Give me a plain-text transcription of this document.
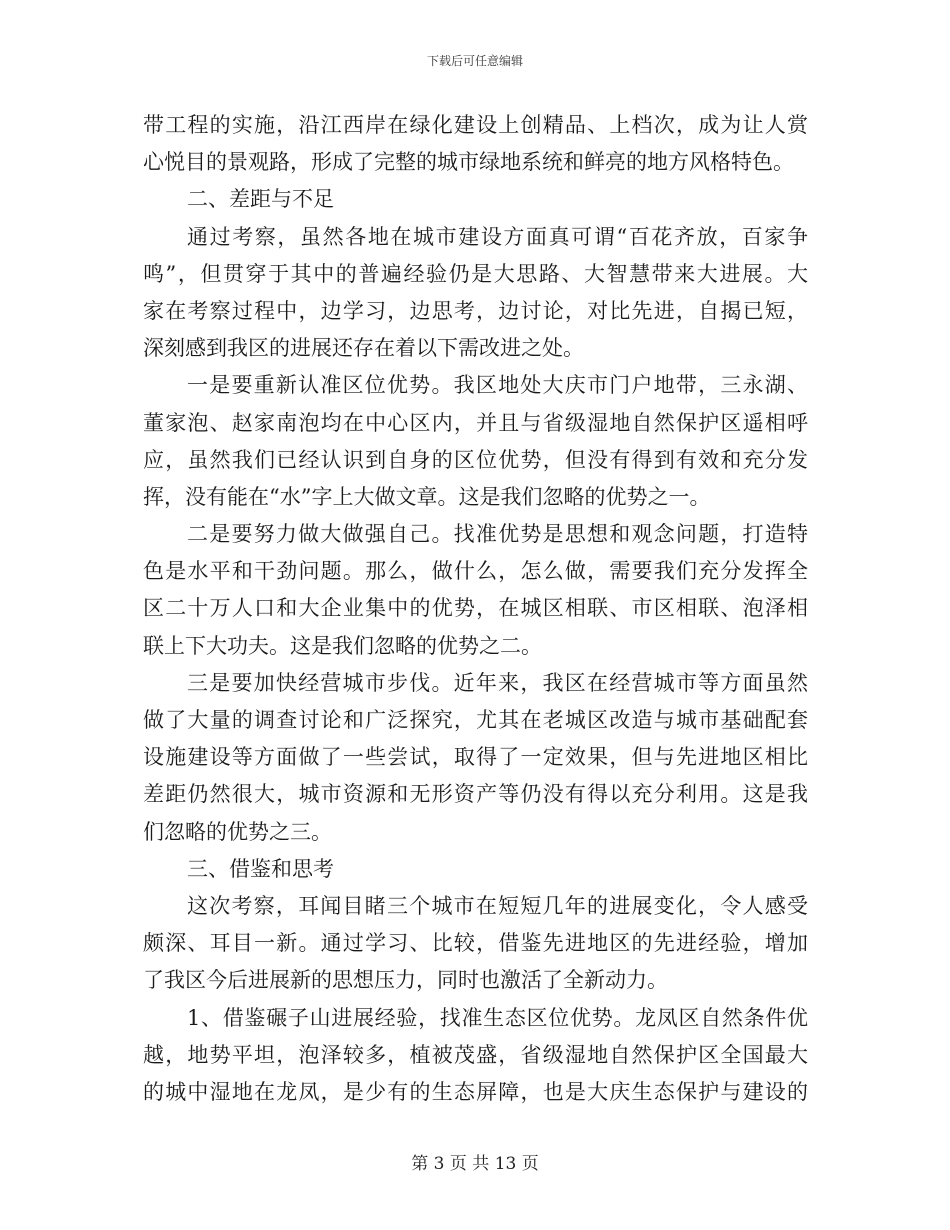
下载后可任意编辑
带工程的实施，沿江西岸在绿化建设上创精品、上档次，成为让人赏
心悦目的景观路，形成了完整的城市绿地系统和鲜亮的地方风格特色。
二、差距与不足
通过考察，虽然各地在城市建设方面真可谓“百花齐放，百家争
鸣”，但贯穿于其中的普遍经验仍是大思路、大智慧带来大进展。大
家在考察过程中，边学习，边思考，边讨论，对比先进，自揭已短，
深刻感到我区的进展还存在着以下需改进之处。
一是要重新认准区位优势。我区地处大庆市门户地带，三永湖、
董家泡、赵家南泡均在中心区内，并且与省级湿地自然保护区遥相呼
应，虽然我们已经认识到自身的区位优势，但没有得到有效和充分发
挥，没有能在“水”字上大做文章。这是我们忽略的优势之一。
二是要努力做大做强自己。找准优势是思想和观念问题，打造特
色是水平和干劲问题。那么，做什么，怎么做，需要我们充分发挥全
区二十万人口和大企业集中的优势，在城区相联、市区相联、泡泽相
联上下大功夫。这是我们忽略的优势之二。
三是要加快经营城市步伐。近年来，我区在经营城市等方面虽然
做了大量的调查讨论和广泛探究，尤其在老城区改造与城市基础配套
设施建设等方面做了一些尝试，取得了一定效果，但与先进地区相比
差距仍然很大，城市资源和无形资产等仍没有得以充分利用。这是我
们忽略的优势之三。
三、借鉴和思考
这次考察，耳闻目睹三个城市在短短几年的进展变化，令人感受
颇深、耳目一新。通过学习、比较，借鉴先进地区的先进经验，增加
了我区今后进展新的思想压力，同时也激活了全新动力。
1、借鉴碾子山进展经验，找准生态区位优势。龙凤区自然条件优
越，地势平坦，泡泽较多，植被茂盛，省级湿地自然保护区全国最大
的城中湿地在龙凤，是少有的生态屏障，也是大庆生态保护与建设的
第 3 页 共 13 页
